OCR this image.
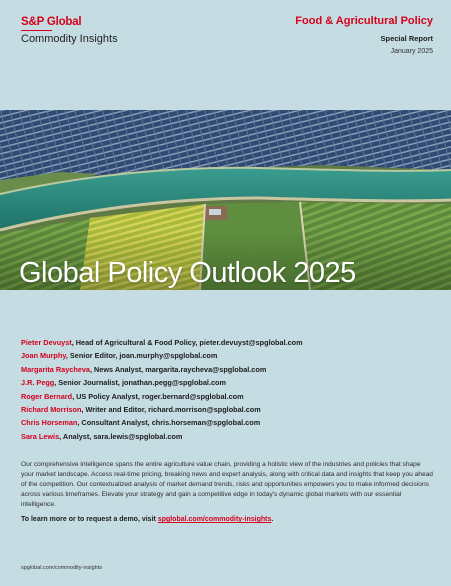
S&P Global
Commodity Insights
Food & Agricultural Policy
Special Report
January 2025
Global Policy Outlook 2025
Pieter Devuyst, Head of Agricultural & Food Policy, pieter.devuyst@spglobal.com
Joan Murphy, Senior Editor, joan.murphy@spglobal.com
Margarita Raycheva, News Analyst, margarita.raycheva@spglobal.com
J.R. Pegg, Senior Journalist, jonathan.pegg@spglobal.com
Roger Bernard, US Policy Analyst, roger.bernard@spglobal.com
Richard Morrison, Writer and Editor, richard.morrison@spglobal.com
Chris Horseman, Consultant Analyst, chris.horseman@spglobal.com
Sara Lewis, Analyst, sara.lewis@spglobal.com

Our comprehensive intelligence spans the entire agriculture value chain, providing a holistic view of the industries and policies that shape your market landscape. Access real-time pricing, breaking news and expert analysis, along with critical data and insights that keep you ahead of the competition. Our contextualized analysis of market demand trends, risks and opportunities empowers you to make informed decisions across various timeframes. Elevate your strategy and gain a competitive edge in today's dynamic global markets with our essential intelligence.

To learn more or to request a demo, visit spglobal.com/commodity-insights.
spglobal.com/commodity-insights
